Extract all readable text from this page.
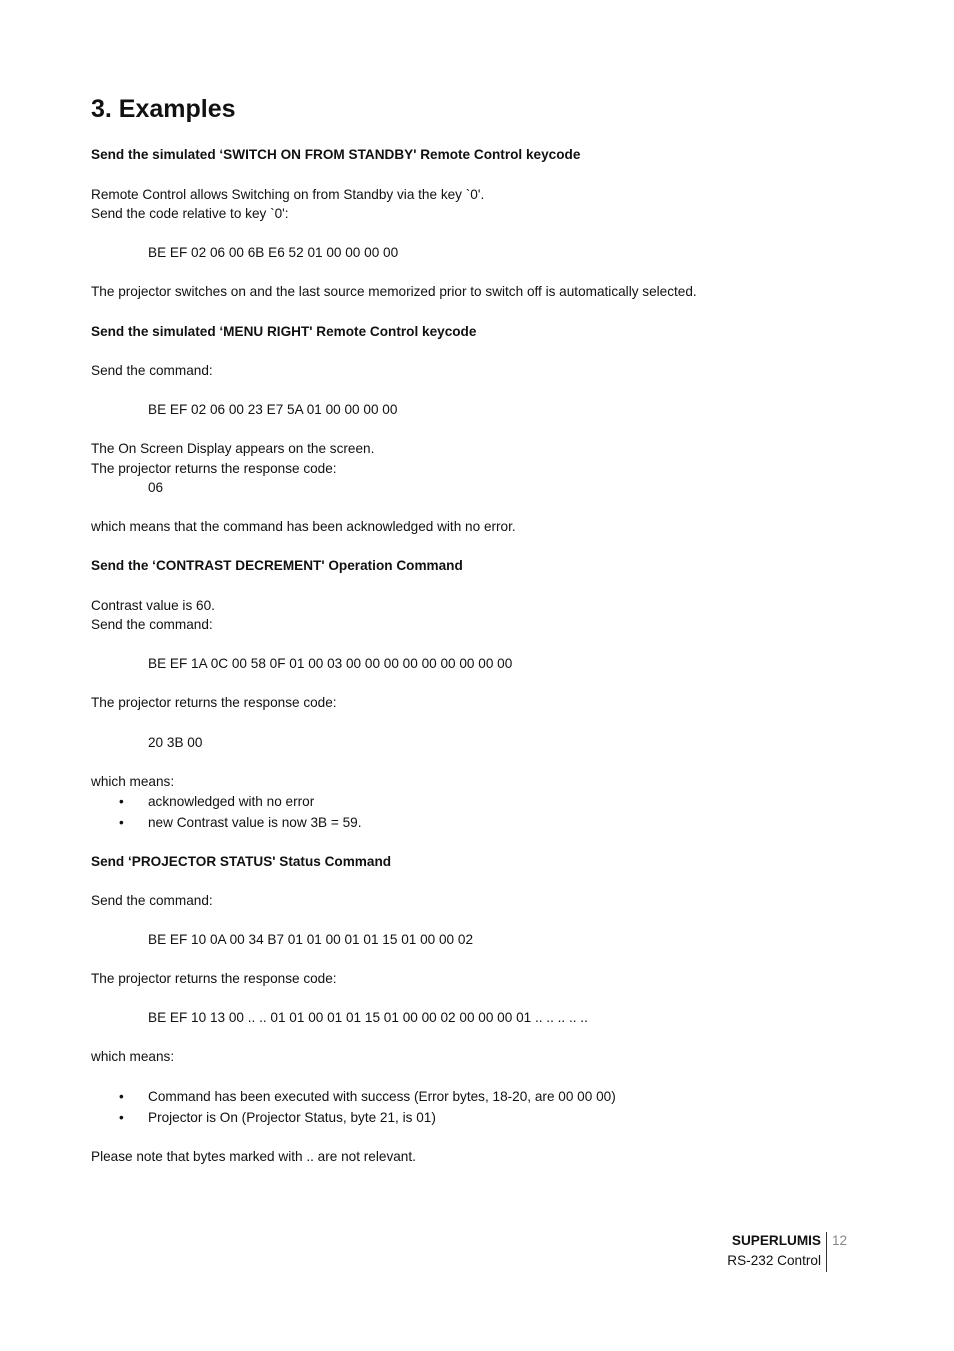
3. Examples
Send the simulated ‘SWITCH ON FROM STANDBY' Remote Control keycode
Remote Control allows Switching on from Standby via the key `0'.
Send the code relative to key `0':
BE EF 02 06 00 6B E6 52 01 00 00 00 00
The projector switches on and the last source memorized prior to switch off is automatically selected.
Send the simulated ‘MENU RIGHT' Remote Control keycode
Send the command:
BE EF 02 06 00 23 E7 5A 01 00 00 00 00
The On Screen Display appears on the screen.
The projector returns the response code:
06
which means that the command has been acknowledged with no error.
Send the ‘CONTRAST DECREMENT' Operation Command
Contrast value is 60.
Send the command:
BE EF 1A 0C 00 58 0F 01 00 03 00 00 00 00 00 00 00 00 00
The projector returns the response code:
20 3B 00
which means:
• acknowledged with no error
• new Contrast value is now 3B = 59.
Send ‘PROJECTOR STATUS' Status Command
Send the command:
BE EF 10 0A 00 34 B7 01 01 00 01 01 15 01 00 00 02
The projector returns the response code:
BE EF 10 13 00 .. .. 01 01 00 01 01 15 01 00 00 02 00 00 00 01 .. .. .. .. ..
which means:
• Command has been executed with success (Error bytes, 18-20, are 00 00 00)
• Projector is On (Projector Status, byte 21, is 01)
Please note that bytes marked with .. are not relevant.
SUPERLUMIS
RS-232 Control
12
